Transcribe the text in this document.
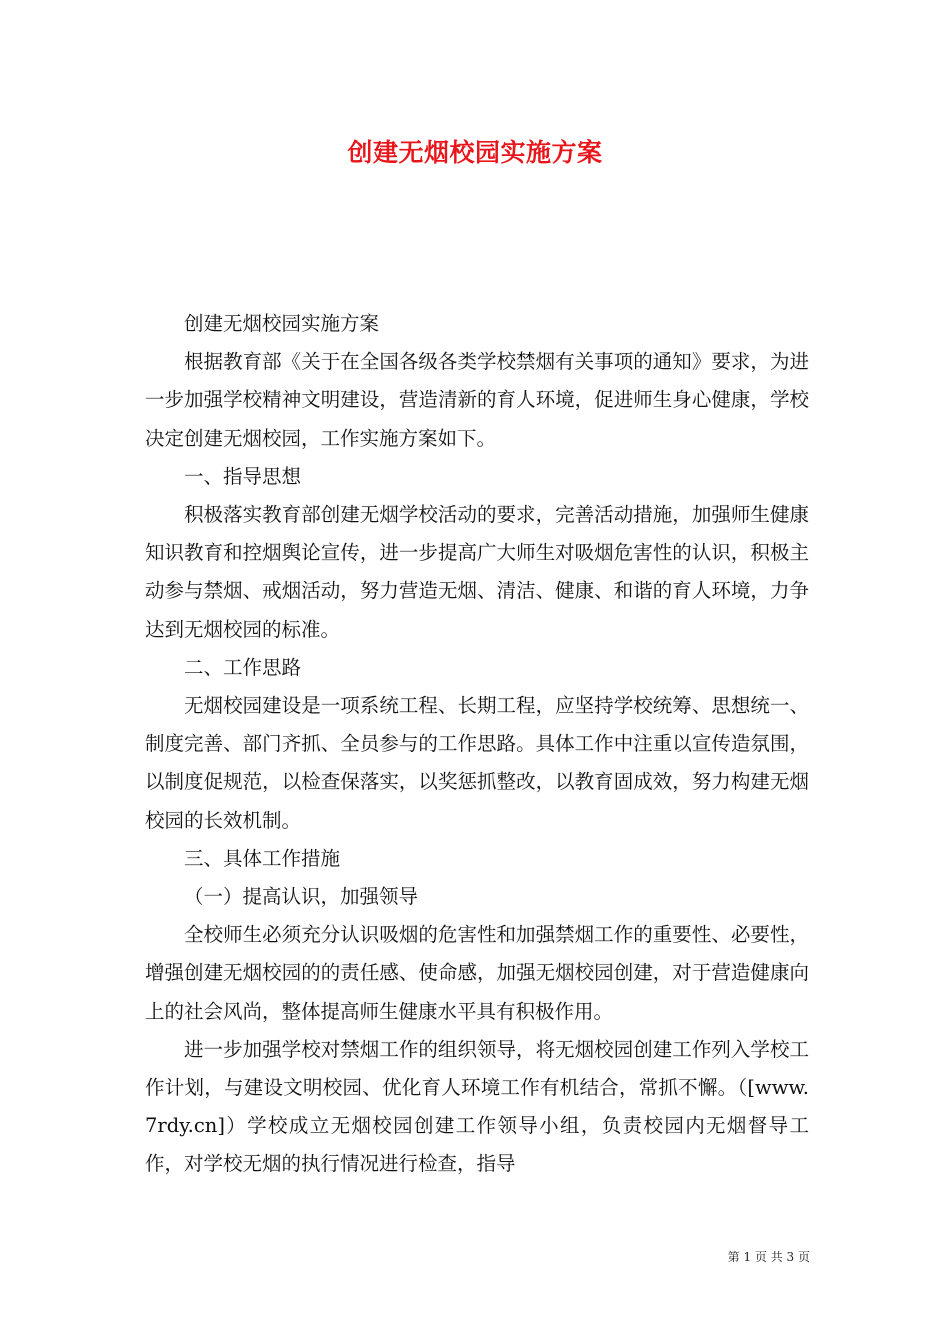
创建无烟校园实施方案

创建无烟校园实施方案

根据教育部《关于在全国各级各类学校禁烟有关事项的通知》要求，为进一步加强学校精神文明建设，营造清新的育人环境，促进师生身心健康，学校决定创建无烟校园，工作实施方案如下。

一、指导思想

积极落实教育部创建无烟学校活动的要求，完善活动措施，加强师生健康知识教育和控烟舆论宣传，进一步提高广大师生对吸烟危害性的认识，积极主动参与禁烟、戒烟活动，努力营造无烟、清洁、健康、和谐的育人环境，力争达到无烟校园的标准。

二、工作思路

无烟校园建设是一项系统工程、长期工程，应坚持学校统筹、思想统一、制度完善、部门齐抓、全员参与的工作思路。具体工作中注重以宣传造氛围，以制度促规范，以检查保落实，以奖惩抓整改，以教育固成效，努力构建无烟校园的长效机制。

三、具体工作措施

（一）提高认识，加强领导

全校师生必须充分认识吸烟的危害性和加强禁烟工作的重要性、必要性，增强创建无烟校园的的责任感、使命感，加强无烟校园创建，对于营造健康向上的社会风尚，整体提高师生健康水平具有积极作用。

进一步加强学校对禁烟工作的组织领导，将无烟校园创建工作列入学校工作计划，与建设文明校园、优化育人环境工作有机结合，常抓不懈。（[www.7rdy.cn]）学校成立无烟校园创建工作领导小组，负责校园内无烟督导工作，对学校无烟的执行情况进行检查，指导

第 1 页 共 3 页
